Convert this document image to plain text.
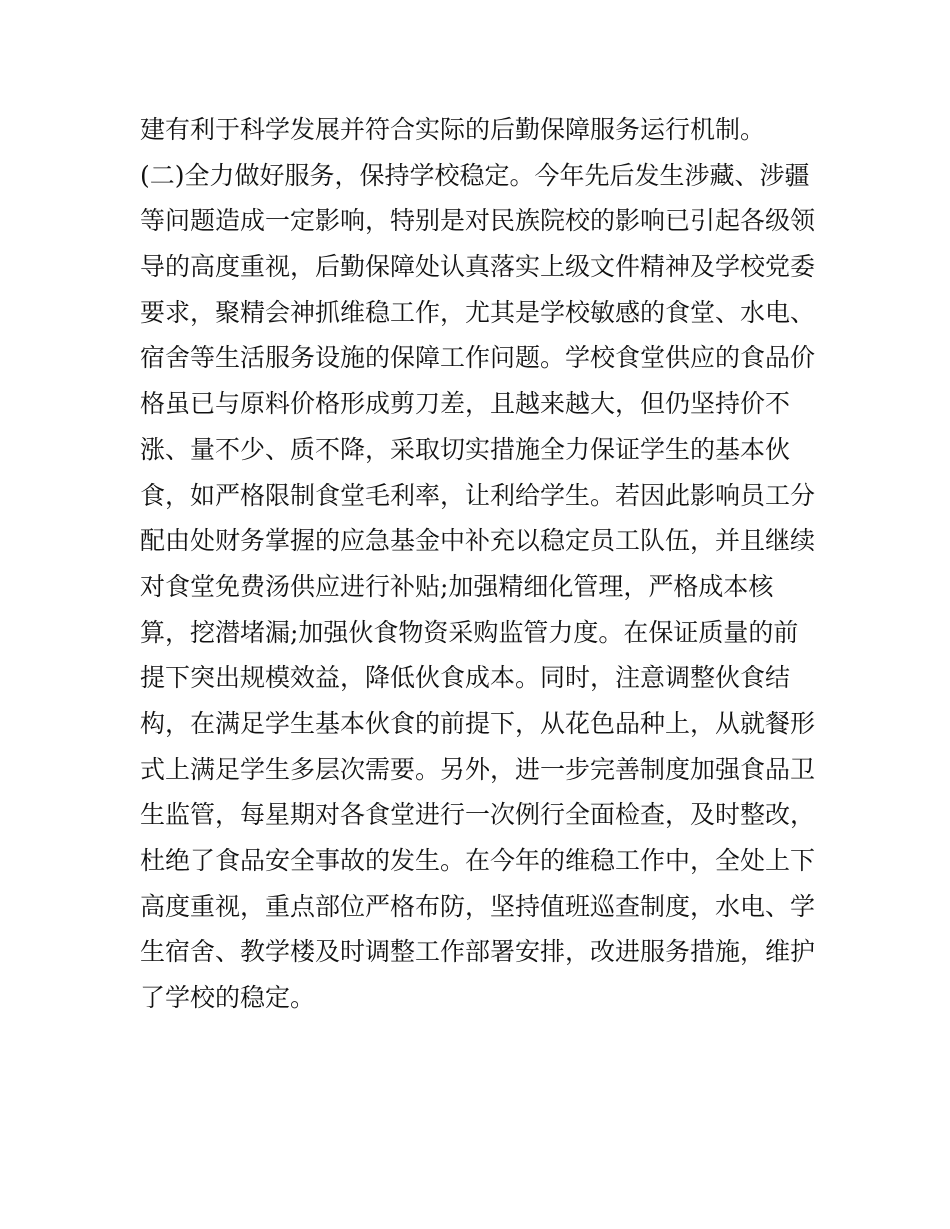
建有利于科学发展并符合实际的后勤保障服务运行机制。
(二)全力做好服务，保持学校稳定。今年先后发生涉藏、涉疆
等问题造成一定影响，特别是对民族院校的影响已引起各级领
导的高度重视，后勤保障处认真落实上级文件精神及学校党委
要求，聚精会神抓维稳工作，尤其是学校敏感的食堂、水电、
宿舍等生活服务设施的保障工作问题。学校食堂供应的食品价
格虽已与原料价格形成剪刀差，且越来越大，但仍坚持价不
涨、量不少、质不降，采取切实措施全力保证学生的基本伙
食，如严格限制食堂毛利率，让利给学生。若因此影响员工分
配由处财务掌握的应急基金中补充以稳定员工队伍，并且继续
对食堂免费汤供应进行补贴;加强精细化管理，严格成本核
算，挖潜堵漏;加强伙食物资采购监管力度。在保证质量的前
提下突出规模效益，降低伙食成本。同时，注意调整伙食结
构，在满足学生基本伙食的前提下，从花色品种上，从就餐形
式上满足学生多层次需要。另外，进一步完善制度加强食品卫
生监管，每星期对各食堂进行一次例行全面检查，及时整改，
杜绝了食品安全事故的发生。在今年的维稳工作中，全处上下
高度重视，重点部位严格布防，坚持值班巡查制度，水电、学
生宿舍、教学楼及时调整工作部署安排，改进服务措施，维护
了学校的稳定。
